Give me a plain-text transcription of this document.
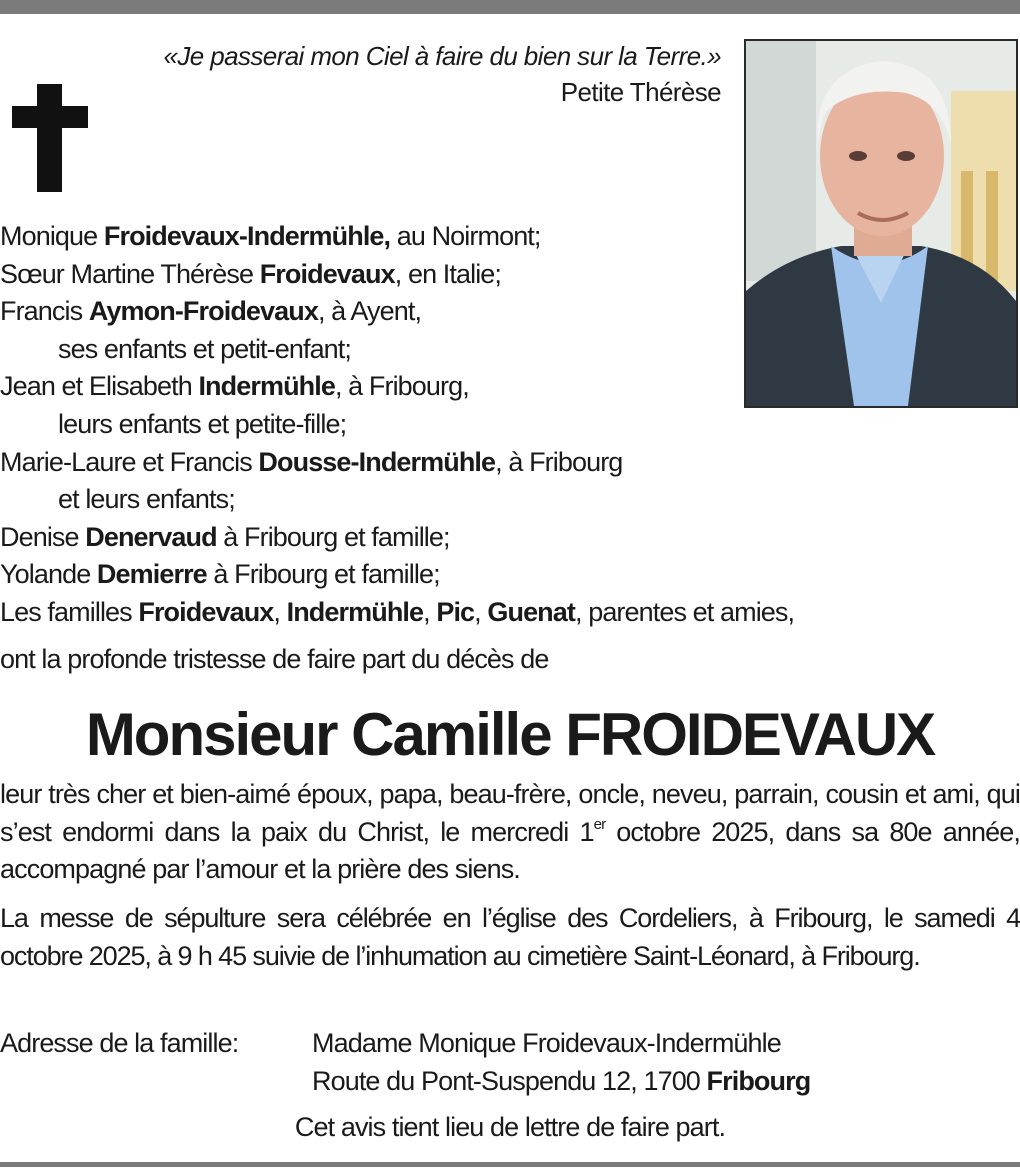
«Je passerai mon Ciel à faire du bien sur la Terre.»
Petite Thérèse
Monique Froidevaux-Indermühle, au Noirmont;
Sœur Martine Thérèse Froidevaux, en Italie;
Francis Aymon-Froidevaux, à Ayent,
ses enfants et petit-enfant;
Jean et Elisabeth Indermühle, à Fribourg,
leurs enfants et petite-fille;
Marie-Laure et Francis Dousse-Indermühle, à Fribourg
et leurs enfants;
Denise Denervaud à Fribourg et famille;
Yolande Demierre à Fribourg et famille;
Les familles Froidevaux, Indermühle, Pic, Guenat, parentes et amies,
ont la profonde tristesse de faire part du décès de
Monsieur Camille FROIDEVAUX
leur très cher et bien-aimé époux, papa, beau-frère, oncle, neveu, parrain, cousin et ami, qui s’est endormi dans la paix du Christ, le mercredi 1er octobre 2025, dans sa 80e année, accompagné par l’amour et la prière des siens.
La messe de sépulture sera célébrée en l’église des Cordeliers, à Fribourg, le samedi 4 octobre 2025, à 9 h 45 suivie de l’inhumation au cimetière Saint-Léonard, à Fribourg.
Adresse de la famille:	Madame Monique Froidevaux-Indermühle
Route du Pont-Suspendu 12, 1700 Fribourg
Cet avis tient lieu de lettre de faire part.
